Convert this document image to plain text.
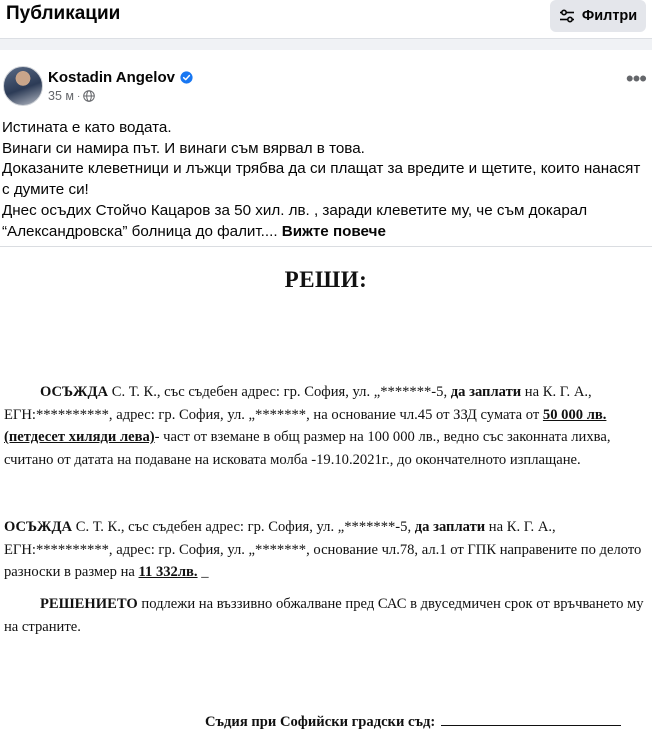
Публикации	Филтри
Kostadin Angelov
35 м ·
•••
Истината е като водата.
Винаги си намира път. И винаги съм вярвал в това.
Доказаните клеветници и лъжци трябва да си плащат за вредите и щетите, които нанасят с думите си!
Днес осъдих Стойчо Кацаров за 50 хил. лв. , заради клеветите му, че съм докарал “Александровска” болница до фалит.... Вижте повече
РЕШИ:
ОСЪЖДА С. Т. К., със съдебен адрес: гр. София, ул. „*******-5, да заплати на К. Г. А., ЕГН:**********, адрес: гр. София, ул. „*******, на основание чл.45 от ЗЗД сумата от 50 000 лв. (петдесет хиляди лева)- част от вземане в общ размер на 100 000 лв., ведно със законната лихва, считано от датата на подаване на исковата молба -19.10.2021г., до окончателното изплащане.
ОСЪЖДА С. Т. К., със съдебен адрес: гр. София, ул. „*******-5, да заплати на К. Г. А., ЕГН:**********, адрес: гр. София, ул. „*******, основание чл.78, ал.1 от ГПК направените по делото разноски в размер на 11 332лв. _
РЕШЕНИЕТО подлежи на въззивно обжалване пред САС в двуседмичен срок от връчването му на страните.
Съдия при Софийски градски съд:
